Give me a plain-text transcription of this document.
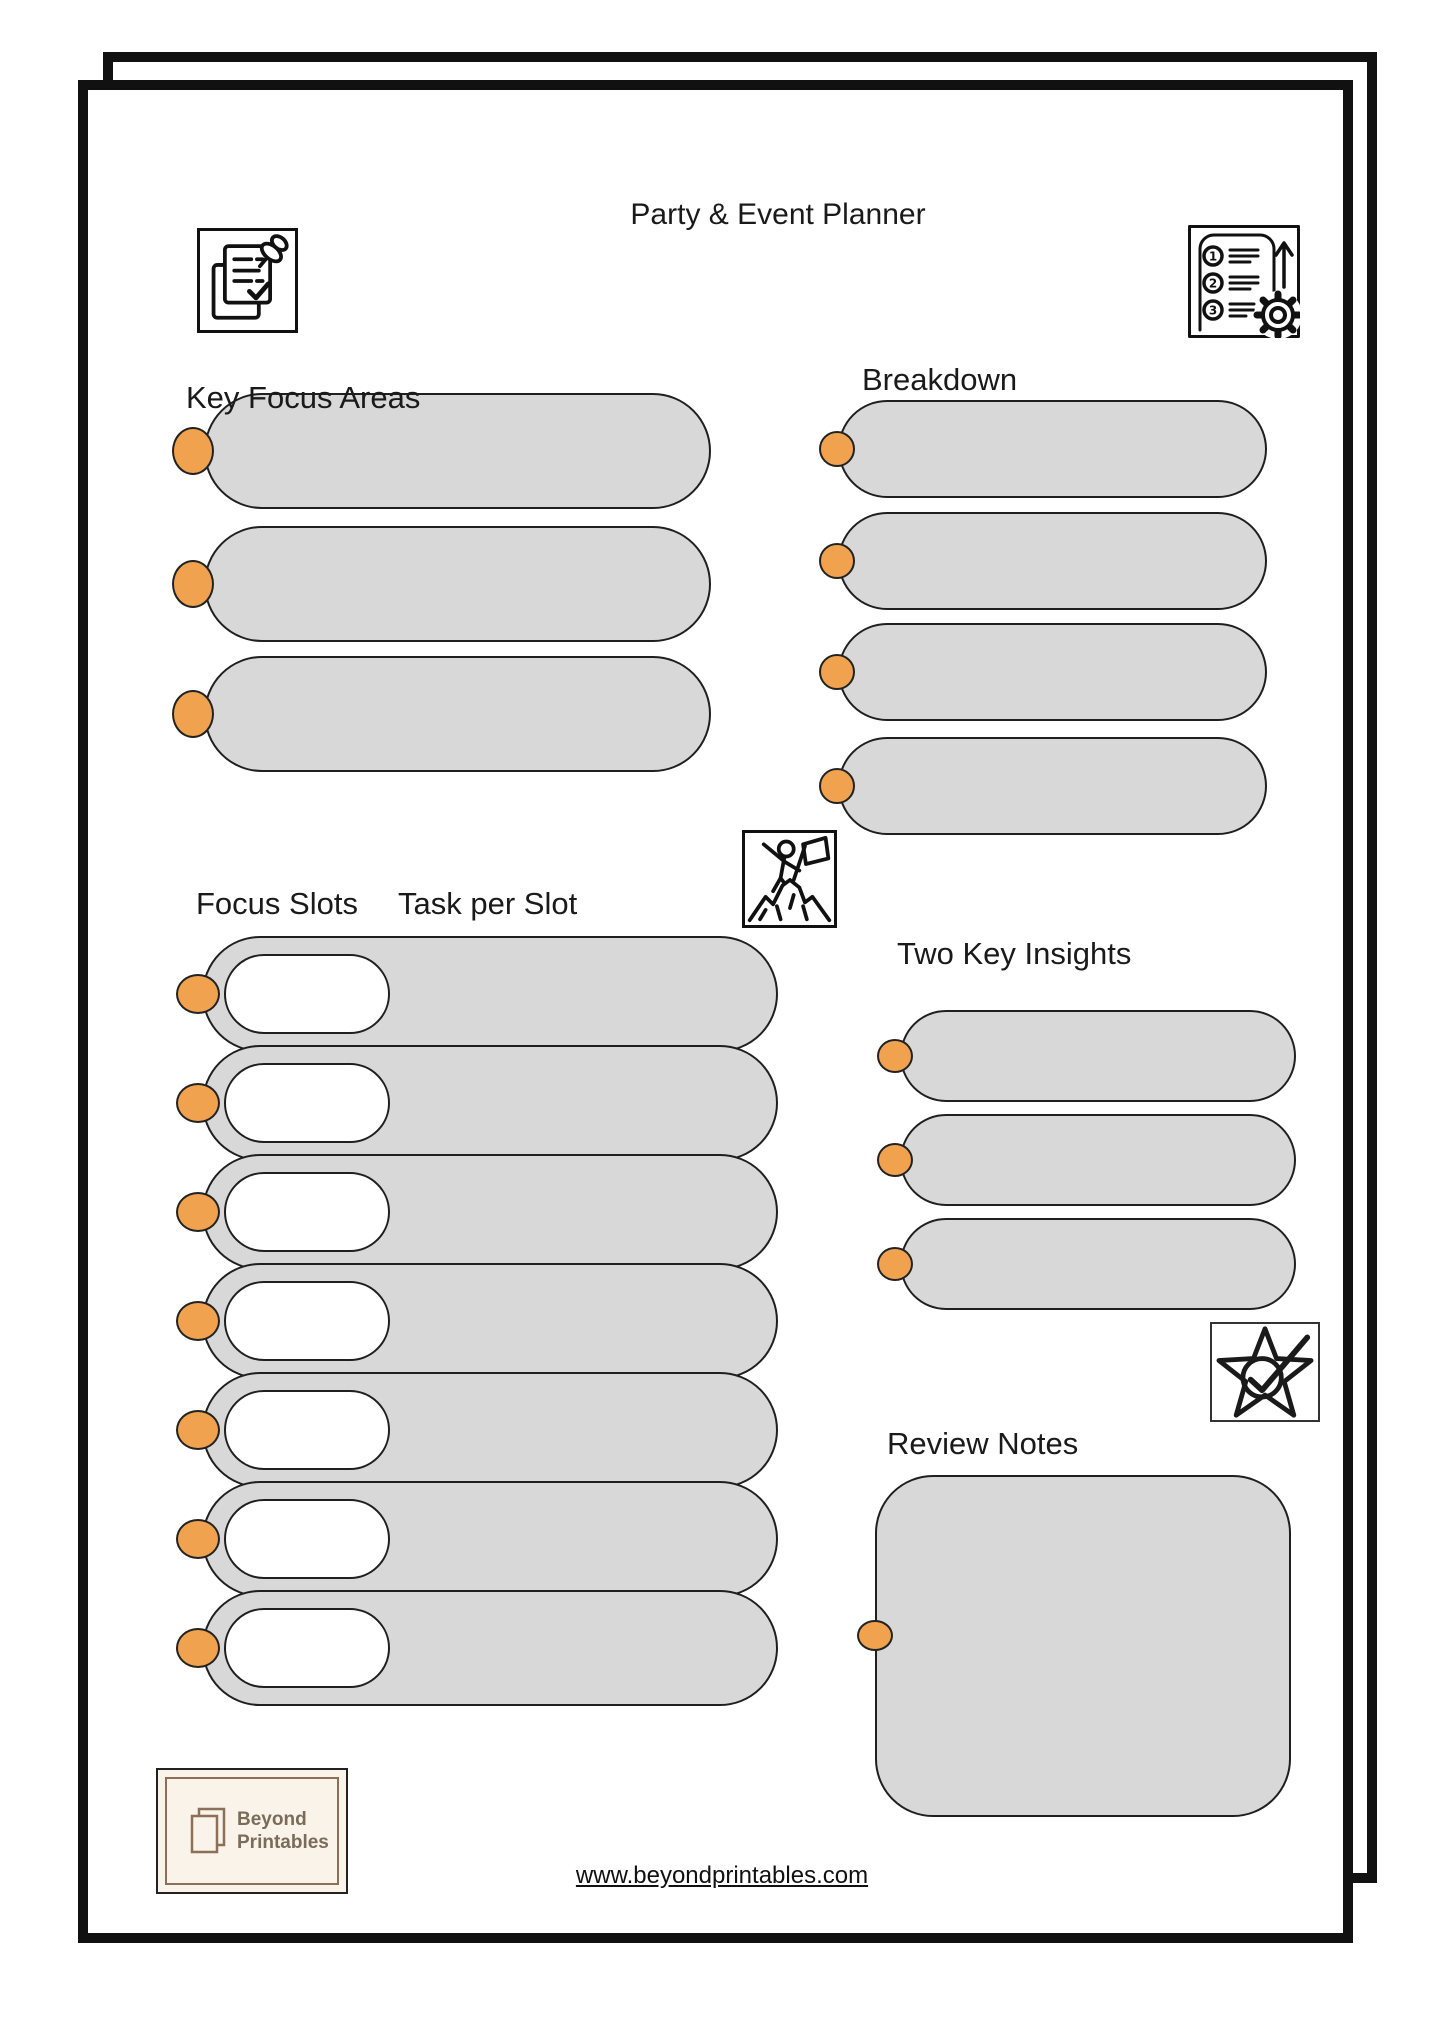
Party & Event Planner
1
2
3
Key Focus Areas
Breakdown
Focus Slots Task per Slot
Two Key Insights
Review Notes
Beyond
Printables
www.beyondprintables.com
